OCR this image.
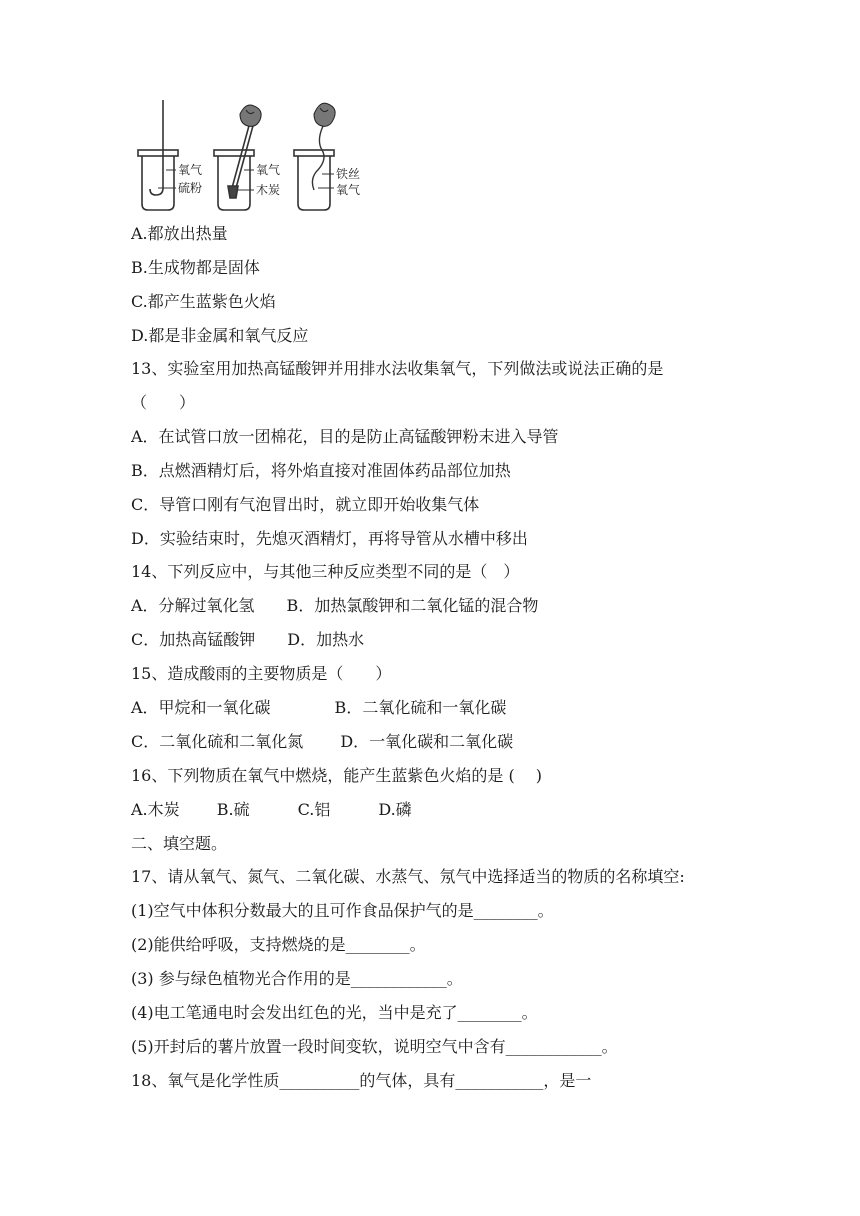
氧气
硫粉
氧气
木炭
铁丝
氧气
A.都放出热量
B.生成物都是固体
C.都产生蓝紫色火焰
D.都是非金属和氧气反应
13、实验室用加热高锰酸钾并用排水法收集氧气，下列做法或说法正确的是
（　　）
A．在试管口放一团棉花，目的是防止高锰酸钾粉末进入导管
B．点燃酒精灯后，将外焰直接对准固体药品部位加热
C．导管口刚有气泡冒出时，就立即开始收集气体
D．实验结束时，先熄灭酒精灯，再将导管从水槽中移出
14、下列反应中，与其他三种反应类型不同的是（　）
A．分解过氧化氢　　B．加热氯酸钾和二氧化锰的混合物
C．加热高锰酸钾　　D．加热水
15、造成酸雨的主要物质是（　　）
A．甲烷和一氧化碳　　　　B．二氧化硫和一氧化碳
C．二氧化硫和二氧化氮　　 D．一氧化碳和二氧化碳
16、下列物质在氧气中燃烧，能产生蓝紫色火焰的是 (　 )
A.木炭　　 B.硫　　　C.铝　　　D.磷
二、填空题。
17、请从氧气、氮气、二氧化碳、水蒸气、氖气中选择适当的物质的名称填空:
(1)空气中体积分数最大的且可作食品保护气的是________。
(2)能供给呼吸，支持燃烧的是________。
(3) 参与绿色植物光合作用的是____________。
(4)电工笔通电时会发出红色的光，当中是充了________。
(5)开封后的薯片放置一段时间变软，说明空气中含有____________。
18、氧气是化学性质__________的气体，具有___________，是一
